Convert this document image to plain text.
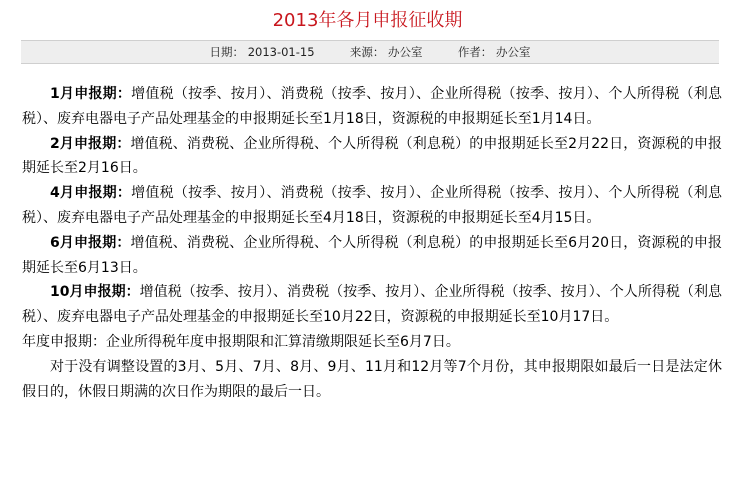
2013年各月申报征收期
日期： 2013-01-15	来源： 办公室	作者： 办公室

1月申报期：增值税（按季、按月）、消费税（按季、按月）、企业所得税（按季、按月）、个人所得税（利息税）、废弃电器电子产品处理基金的申报期延长至1月18日，资源税的申报期延长至1月14日。

2月申报期：增值税、消费税、企业所得税、个人所得税（利息税）的申报期延长至2月22日，资源税的申报期延长至2月16日。

4月申报期：增值税（按季、按月）、消费税（按季、按月）、企业所得税（按季、按月）、个人所得税（利息税）、废弃电器电子产品处理基金的申报期延长至4月18日，资源税的申报期延长至4月15日。

6月申报期：增值税、消费税、企业所得税、个人所得税（利息税）的申报期延长至6月20日，资源税的申报期延长至6月13日。

10月申报期：增值税（按季、按月）、消费税（按季、按月）、企业所得税（按季、按月）、个人所得税（利息税）、废弃电器电子产品处理基金的申报期延长至10月22日，资源税的申报期延长至10月17日。

年度申报期：企业所得税年度申报期限和汇算清缴期限延长至6月7日。

对于没有调整设置的3月、5月、7月、8月、9月、11月和12月等7个月份，其申报期限如最后一日是法定休假日的，休假日期满的次日作为期限的最后一日。
